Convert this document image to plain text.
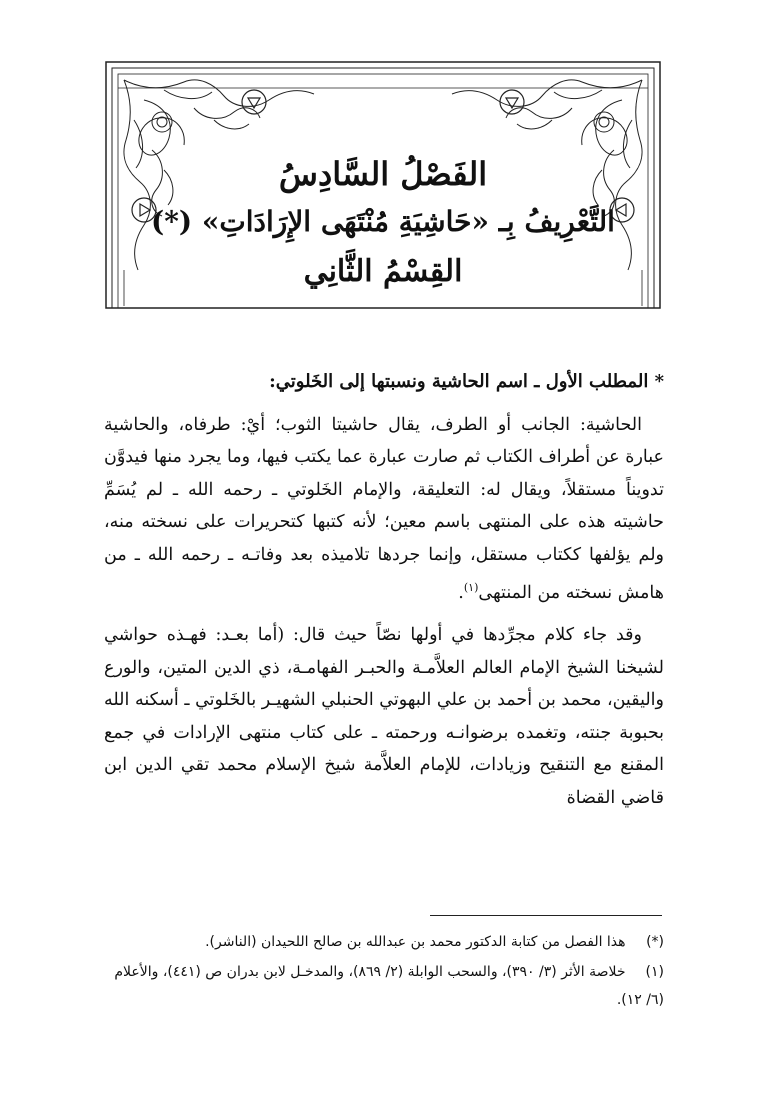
الفَصْلُ السَّادِسُ
التَّعْرِيفُ بِـ «حَاشِيَةِ مُنْتَهَى الإِرَادَاتِ» (*)
القِسْمُ الثَّانِي
* المطلب الأول ـ اسم الحاشية ونسبتها إلى الخَلوتي:

الحاشية: الجانب أو الطرف، يقال حاشيتا الثوب؛ أيْ: طرفاه، والحاشية عبارة عن أطراف الكتاب ثم صارت عبارة عما يكتب فيها، وما يجرد منها فيدوَّن تدويناً مستقلاً، ويقال له: التعليقة، والإمام الخَلوتي ـ رحمه الله ـ لم يُسَمِّ حاشيته هذه على المنتهى باسم معين؛ لأنه كتبها كتحريرات على نسخته منه، ولم يؤلفها ككتاب مستقل، وإنما جردها تلاميذه بعد وفاتـه ـ رحمه الله ـ من هامش نسخته من المنتهى$^{(١)}$.

وقد جاء كلام مجرِّدها في أولها نصّاً حيث قال: (أما بعـد: فهـذه حواشي لشيخنا الشيخ الإمام العالم العلاَّمـة والحبـر الفهامـة، ذي الدين المتين، والورع واليقين، محمد بن أحمد بن علي البهوتي الحنبلي الشهيـر بالخَلوتي ـ أسكنه الله بحبوبة جنته، وتغمده برضوانـه ورحمته ـ على كتاب منتهى الإرادات في جمع المقنع مع التنقيح وزيادات، للإمام العلاَّمة شيخ الإسلام محمد تقي الدين ابن قاضي القضاة

(*) هذا الفصل من كتابة الدكتور محمد بن عبدالله بن صالح اللحيدان (الناشر).
(١) خلاصة الأثر (٣/ ٣٩٠)، والسحب الوابلة (٢/ ٨٦٩)، والمدخـل لابن بدران ص (٤٤١)، والأعلام (٦/ ١٢).
